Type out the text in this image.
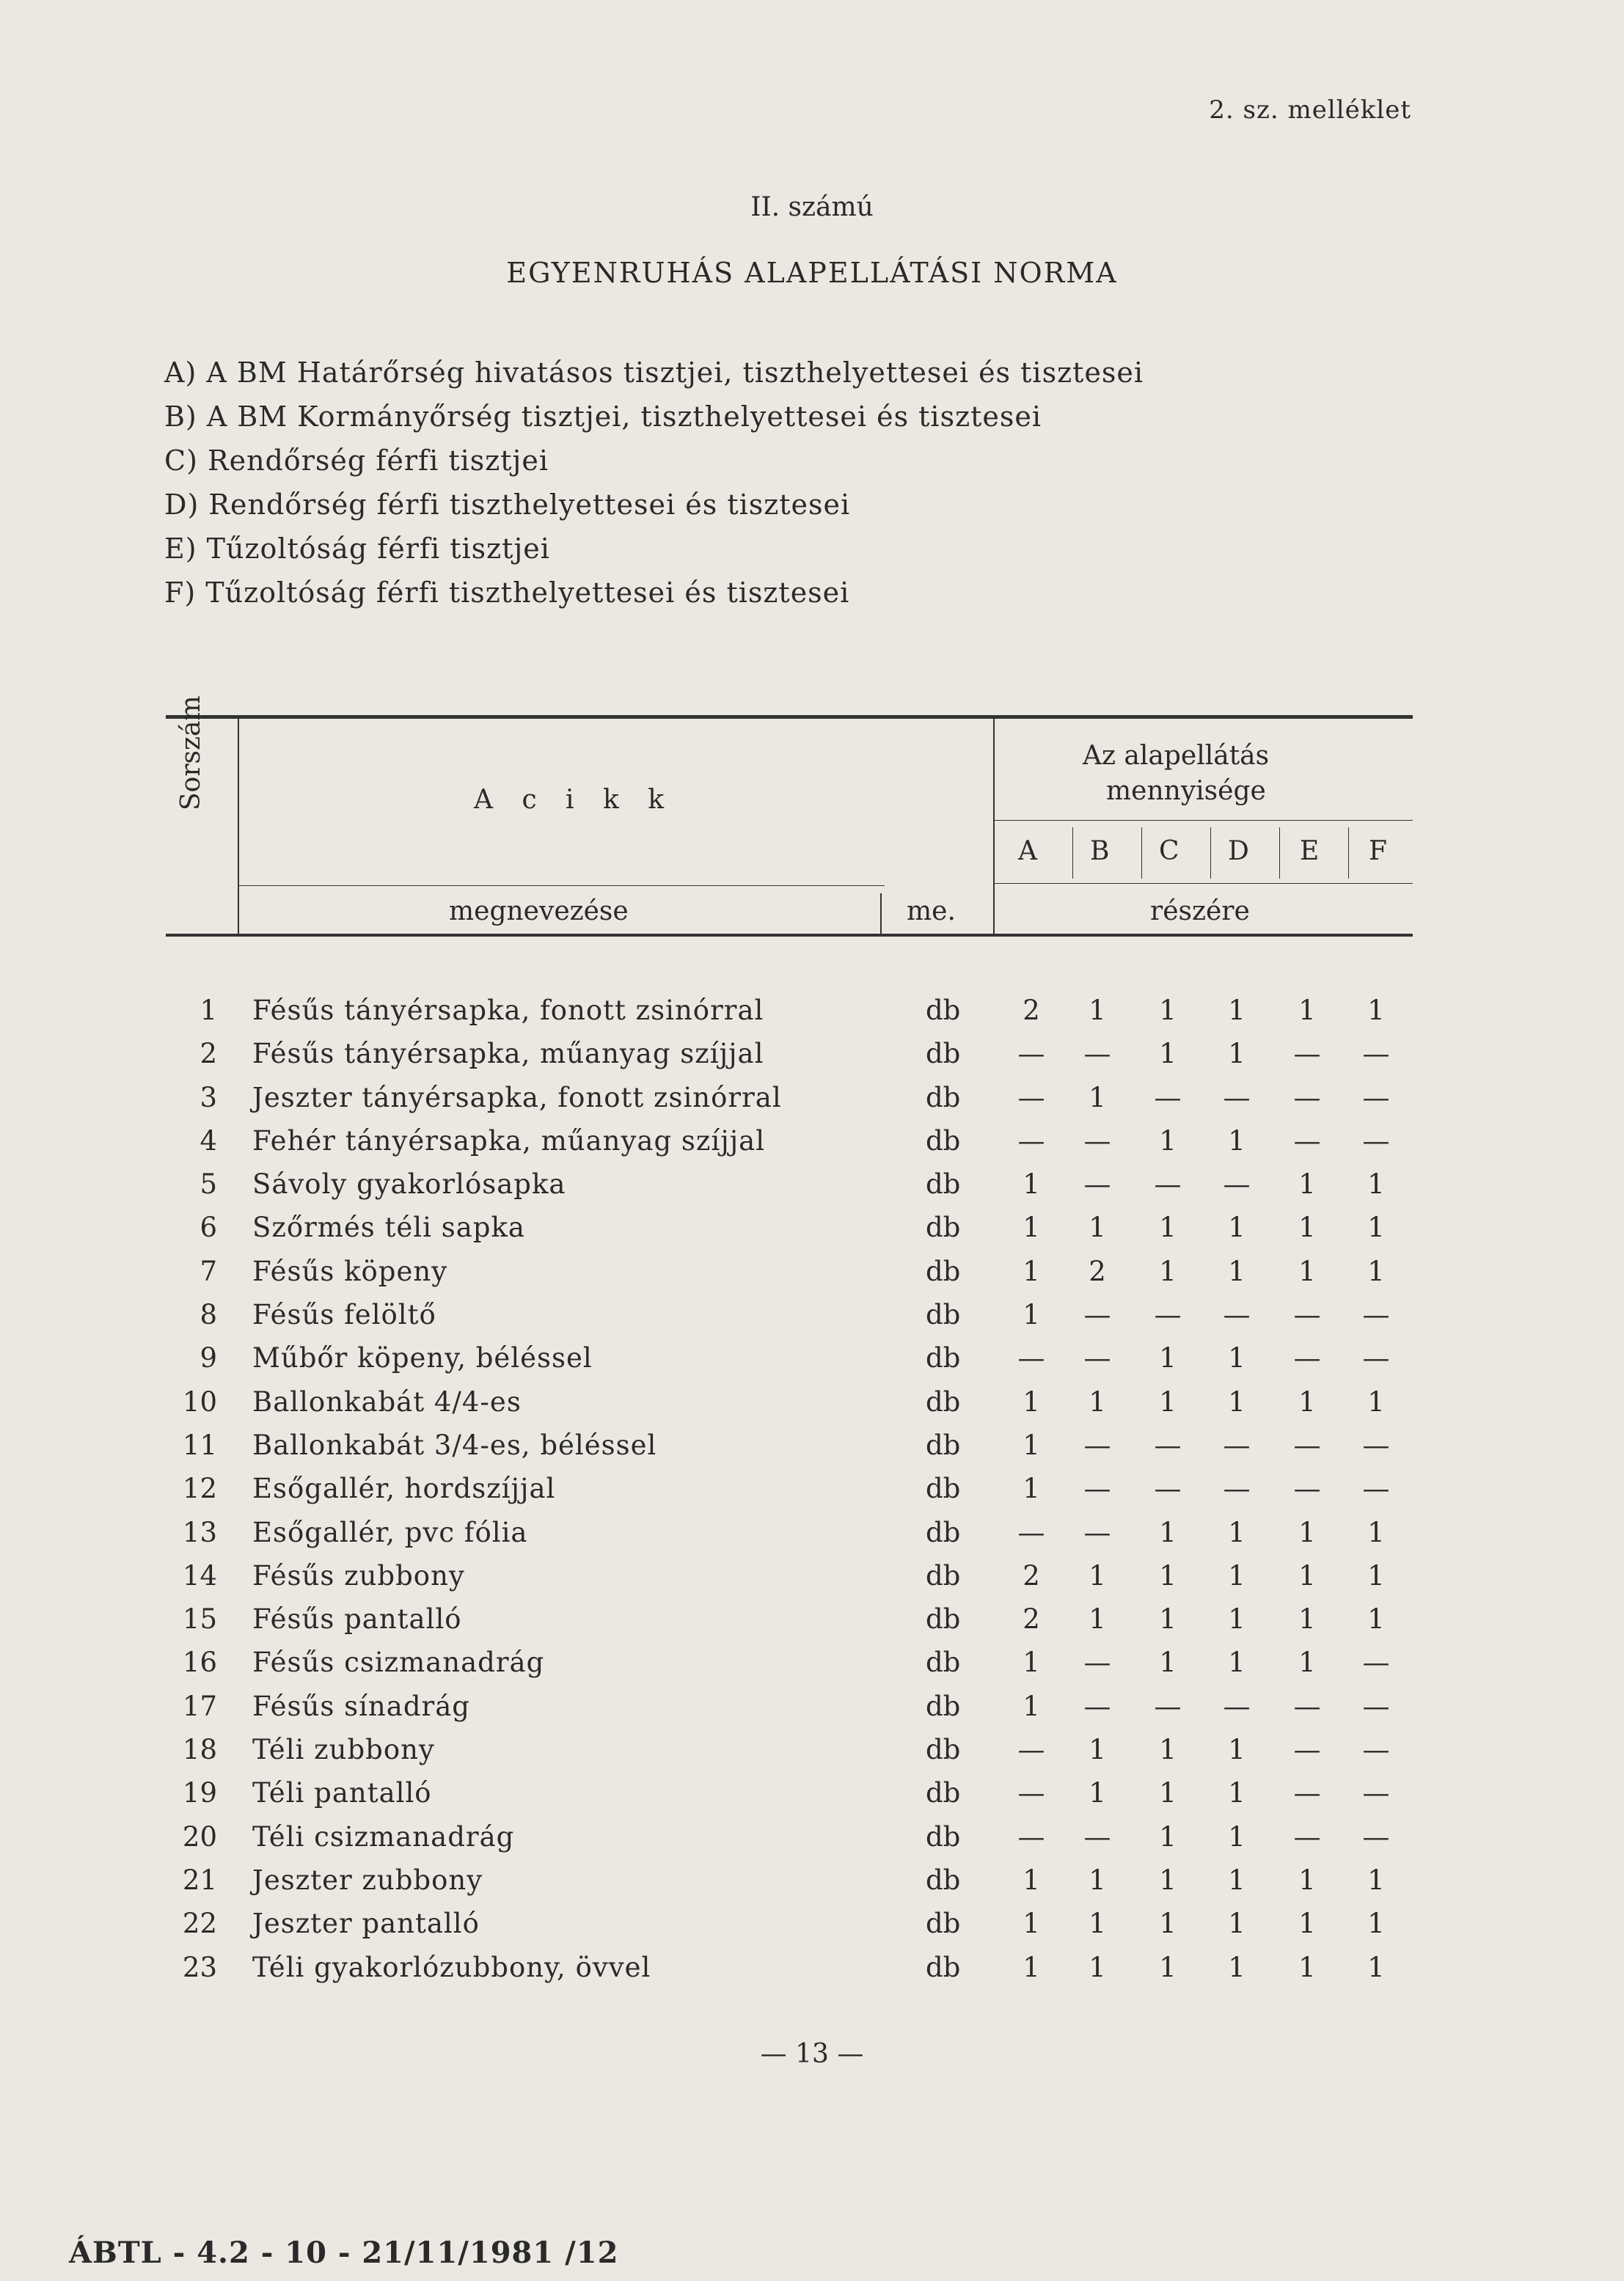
2. sz. melléklet
II. számú
EGYENRUHÁS ALAPELLÁTÁSI NORMA
A) A BM Határőrség hivatásos tisztjei, tiszthelyettesei és tisztesei
B) A BM Kormányőrség tisztjei, tiszthelyettesei és tisztesei
C) Rendőrség férfi tisztjei
D) Rendőrség férfi tiszthelyettesei és tisztesei
E) Tűzoltóság férfi tisztjei
F) Tűzoltóság férfi tiszthelyettesei és tisztesei
Sorszám	A c i k k
megnevezése	me.
Az alapellátás
mennyisége
A B C D E F
részére
1 Fésűs tányérsapka, fonott zsinórral	db	2	1	1	1	1	1
2 Fésűs tányérsapka, műanyag szíjjal	db	—	—	1	1	—	—
3 Jeszter tányérsapka, fonott zsinórral	db	—	1	—	—	—	—
4 Fehér tányérsapka, műanyag szíjjal	db	—	—	1	1	—	—
5 Sávoly gyakorlósapka	db	1	—	—	—	1	1
6 Szőrmés téli sapka	db	1	1	1	1	1	1
7 Fésűs köpeny	db	1	2	1	1	1	1
8 Fésűs felöltő	db	1	—	—	—	—	—
9 Műbőr köpeny, béléssel	db	—	—	1	1	—	—
10 Ballonkabát 4/4-es	db	1	1	1	1	1	1
11 Ballonkabát 3/4-es, béléssel	db	1	—	—	—	—	—
12 Esőgallér, hordszíjjal	db	1	—	—	—	—	—
13 Esőgallér, pvc fólia	db	—	—	1	1	1	1
14 Fésűs zubbony	db	2	1	1	1	1	1
15 Fésűs pantalló	db	2	1	1	1	1	1
16 Fésűs csizmanadrág	db	1	—	1	1	1	—
17 Fésűs sínadrág	db	1	—	—	—	—	—
18 Téli zubbony	db	—	1	1	1	—	—
19 Téli pantalló	db	—	1	1	1	—	—
20 Téli csizmanadrág	db	—	—	1	1	—	—
21 Jeszter zubbony	db	1	1	1	1	1	1
22 Jeszter pantalló	db	1	1	1	1	1	1
23 Téli gyakorlózubbony, övvel	db	1	1	1	1	1	1
— 13 —
ÁBTL - 4.2 - 10 - 21/11/1981 /12
